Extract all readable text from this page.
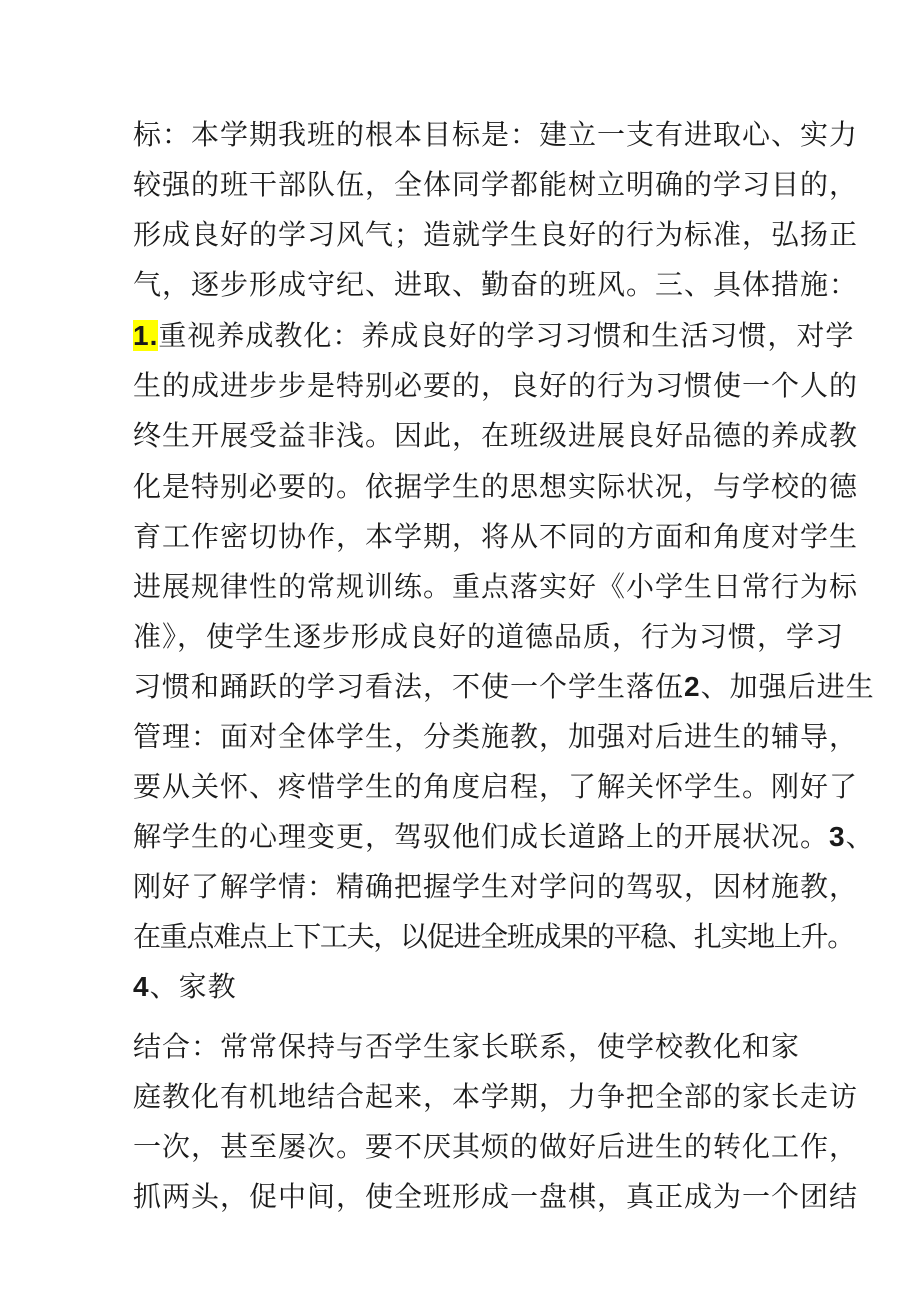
标：本学期我班的根本目标是：建立一支有进取心、实力
较强的班干部队伍，全体同学都能树立明确的学习目的，
形成良好的学习风气；造就学生良好的行为标准，弘扬正
气，逐步形成守纪、进取、勤奋的班风。三、具体措施：
1.重视养成教化：养成良好的学习习惯和生活习惯，对学
生的成进步步是特别必要的，良好的行为习惯使一个人的
终生开展受益非浅。因此，在班级进展良好品德的养成教
化是特别必要的。依据学生的思想实际状况，与学校的德
育工作密切协作，本学期，将从不同的方面和角度对学生
进展规律性的常规训练。重点落实好《小学生日常行为标
准》，使学生逐步形成良好的道德品质，行为习惯，学习
习惯和踊跃的学习看法，不使一个学生落伍2、加强后进生
管理：面对全体学生，分类施教，加强对后进生的辅导，
要从关怀、疼惜学生的角度启程，了解关怀学生。刚好了
解学生的心理变更，驾驭他们成长道路上的开展状况。3、
刚好了解学情：精确把握学生对学问的驾驭，因材施教，
在重点难点上下工夫，以促进全班成果的平稳、扎实地上升。
4、家教
结合：常常保持与否学生家长联系，使学校教化和家
庭教化有机地结合起来，本学期，力争把全部的家长走访
一次，甚至屡次。要不厌其烦的做好后进生的转化工作，
抓两头，促中间，使全班形成一盘棋，真正成为一个团结
